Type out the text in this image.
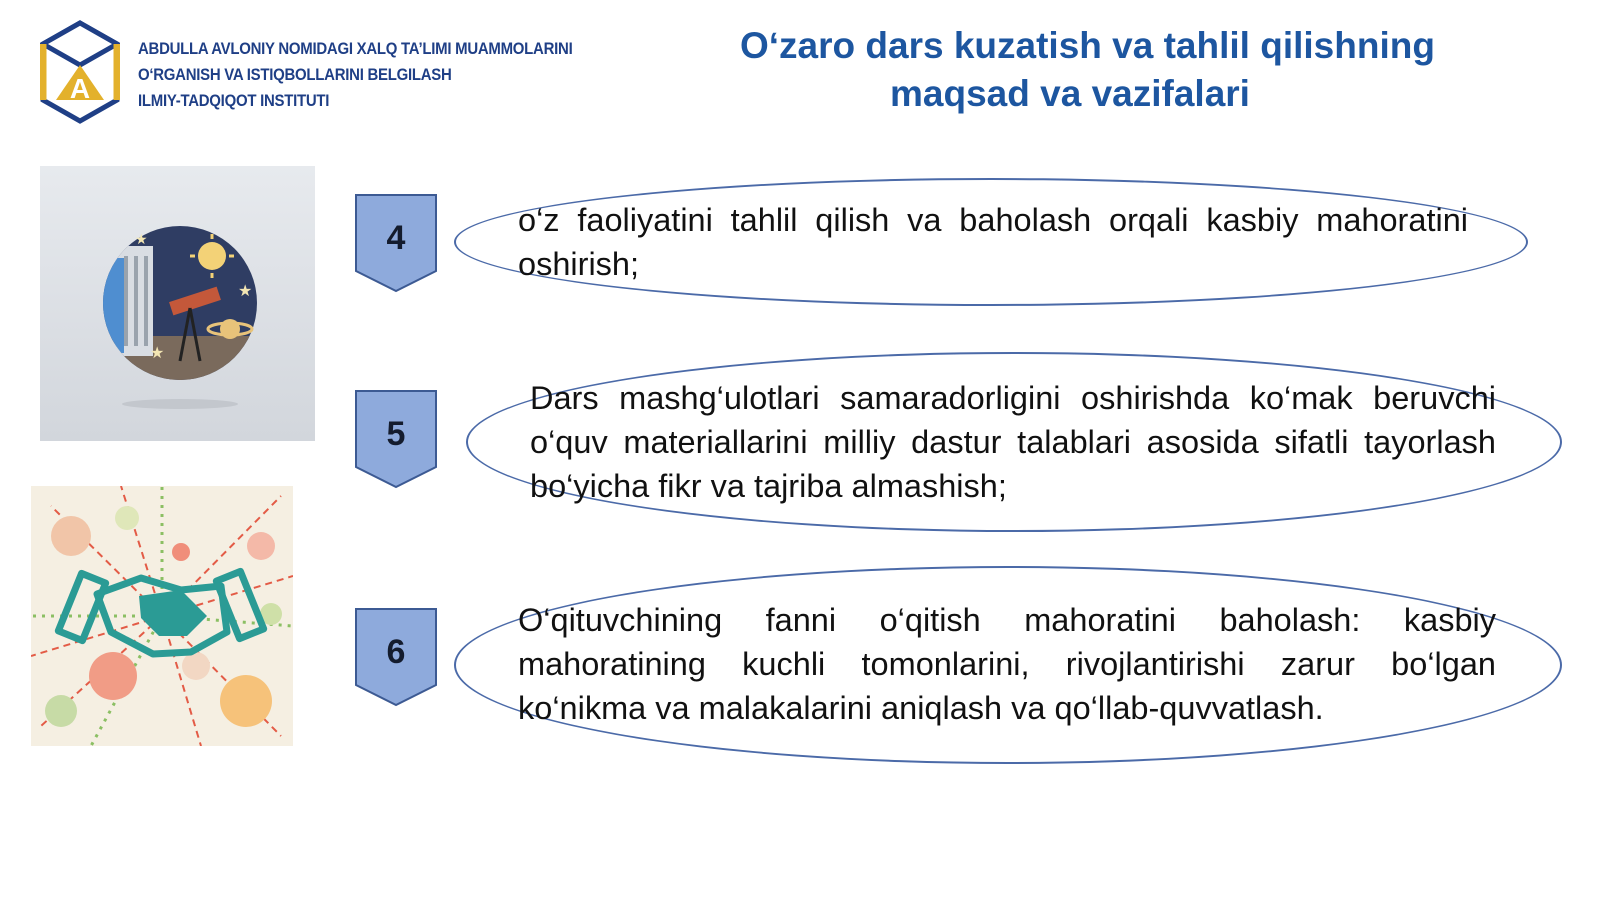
A
ABDULLA AVLONIY NOMIDAGI XALQ TA’LIMI MUAMMOLARINI
O‘RGANISH VA ISTIQBOLLARINI BELGILASH
ILMIY-TADQIQOT INSTITUTI
O‘zaro dars kuzatish va tahlil qilishning
maqsad va vazifalari
★
★
★	4	o‘z faoliyatini tahlil qilish va baholash orqali kasbiy mahoratini oshirish;
5
Dars mashg‘ulotlari samaradorligini oshirishda ko‘mak beruvchi o‘quv materiallarini milliy dastur talablari asosida sifatli tayorlash bo‘yicha fikr va tajriba almashish;
6
O‘qituvchining fanni o‘qitish mahoratini baholash: kasbiy mahoratining kuchli tomonlarini, rivojlantirishi zarur bo‘lgan ko‘nikma va malakalarini aniqlash va qo‘llab-quvvatlash.
